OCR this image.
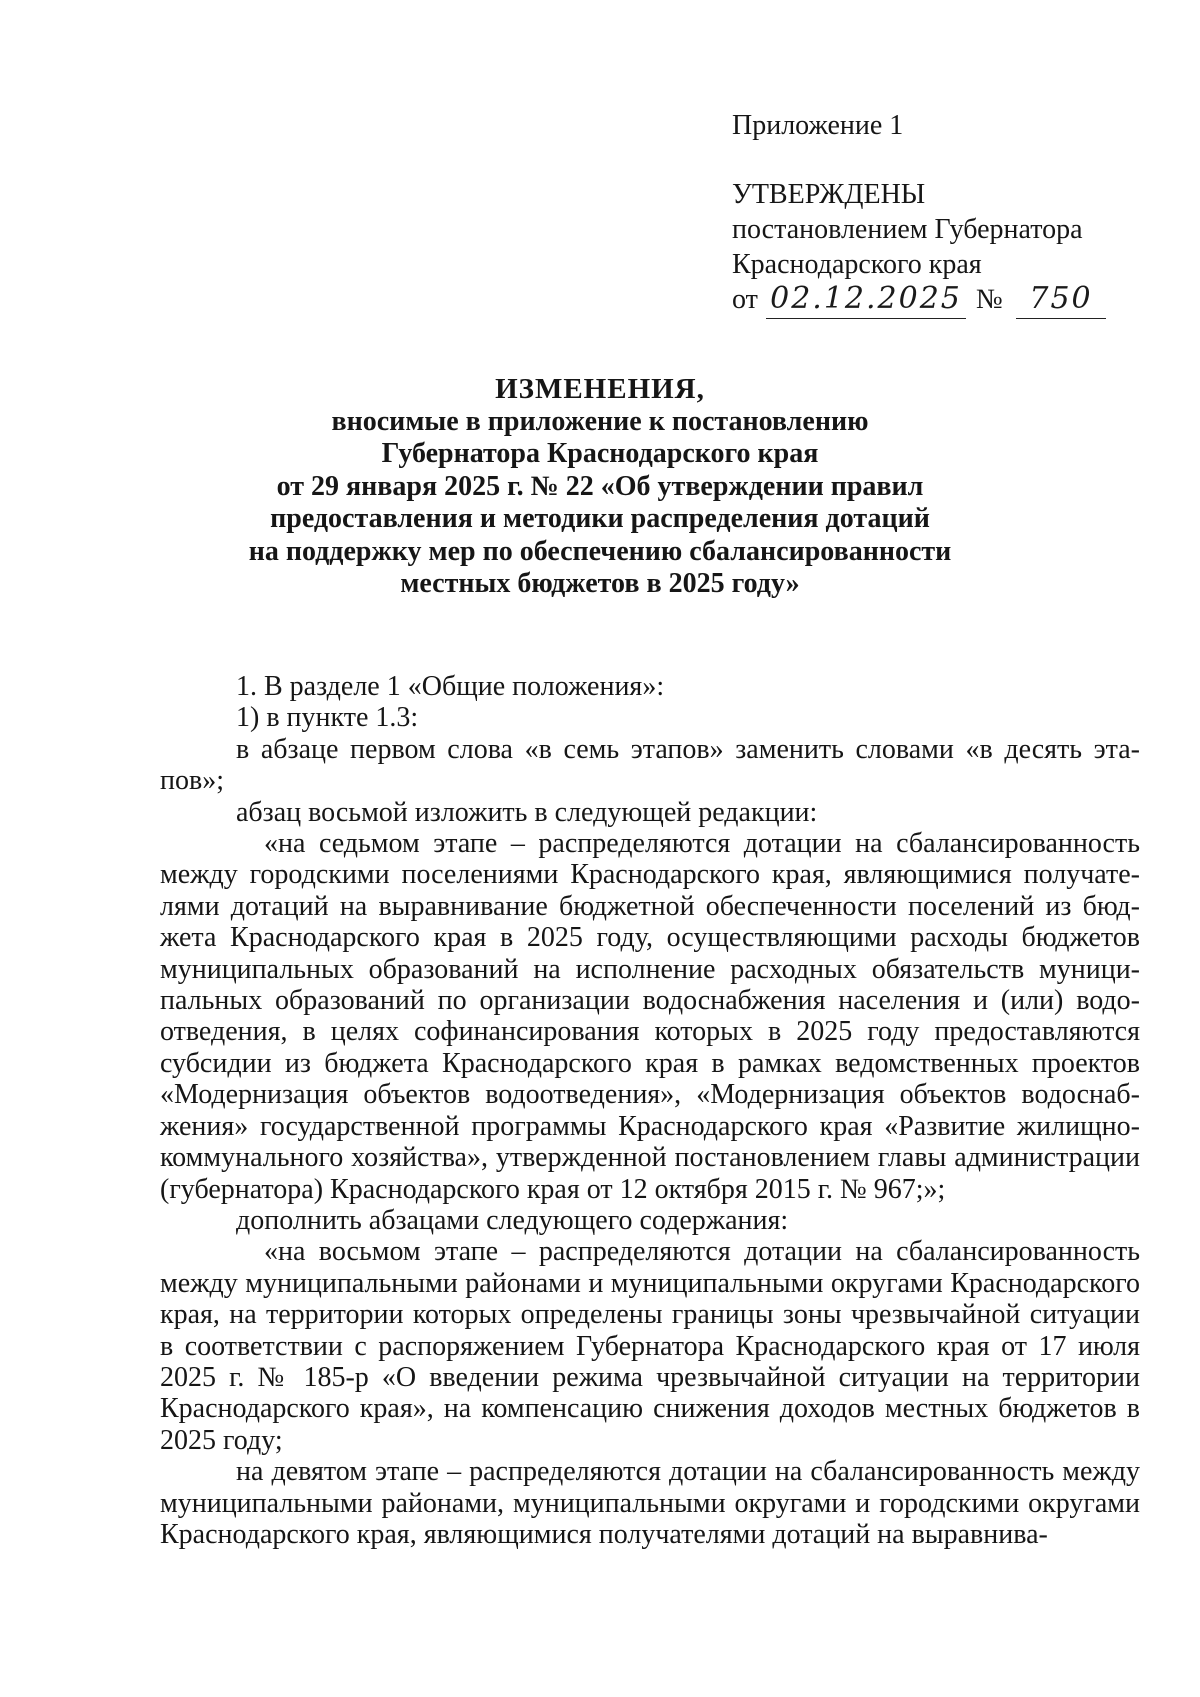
Приложение 1
УТВЕРЖДЕНЫ
постановлением Губернатора
Краснодарского края
от 02.12.2025 № 750
ИЗМЕНЕНИЯ,
вносимые в приложение к постановлению
Губернатора Краснодарского края
от 29 января 2025 г. № 22 «Об утверждении правил
предоставления и методики распределения дотаций
на поддержку мер по обеспечению сбалансированности
местных бюджетов в 2025 году»

1. В разделе 1 «Общие положения»:

1) в пункте 1.3:

в абзаце первом слова «в семь этапов» заменить словами «в десять этапов»;

абзац восьмой изложить в следующей редакции:

«на седьмом этапе – распределяются дотации на сбалансированность между городскими поселениями Краснодарского края, являющимися получателями дотаций на выравнивание бюджетной обеспеченности поселений из бюджета Краснодарского края в 2025 году, осуществляющими расходы бюджетов муниципальных образований на исполнение расходных обязательств муниципальных образований по организации водоснабжения населения и (или) водоотведения, в целях софинансирования которых в 2025 году предоставляются субсидии из бюджета Краснодарского края в рамках ведомственных проектов «Модернизация объектов водоотведения», «Модернизация объектов водоснабжения» государственной программы Краснодарского края «Развитие жилищно-коммунального хозяйства», утвержденной постановлением главы администрации (губернатора) Краснодарского края от 12 октября 2015 г. № 967;»;

дополнить абзацами следующего содержания:

«на восьмом этапе – распределяются дотации на сбалансированность между муниципальными районами и муниципальными округами Краснодарского края, на территории которых определены границы зоны чрезвычайной ситуации в соответствии с распоряжением Губернатора Краснодарского края от 17 июля 2025 г. № 185-р «О введении режима чрезвычайной ситуации на территории Краснодарского края», на компенсацию снижения доходов местных бюджетов в 2025 году;

на девятом этапе – распределяются дотации на сбалансированность между муниципальными районами, муниципальными округами и городскими округами Краснодарского края, являющимися получателями дотаций на выравнива-
